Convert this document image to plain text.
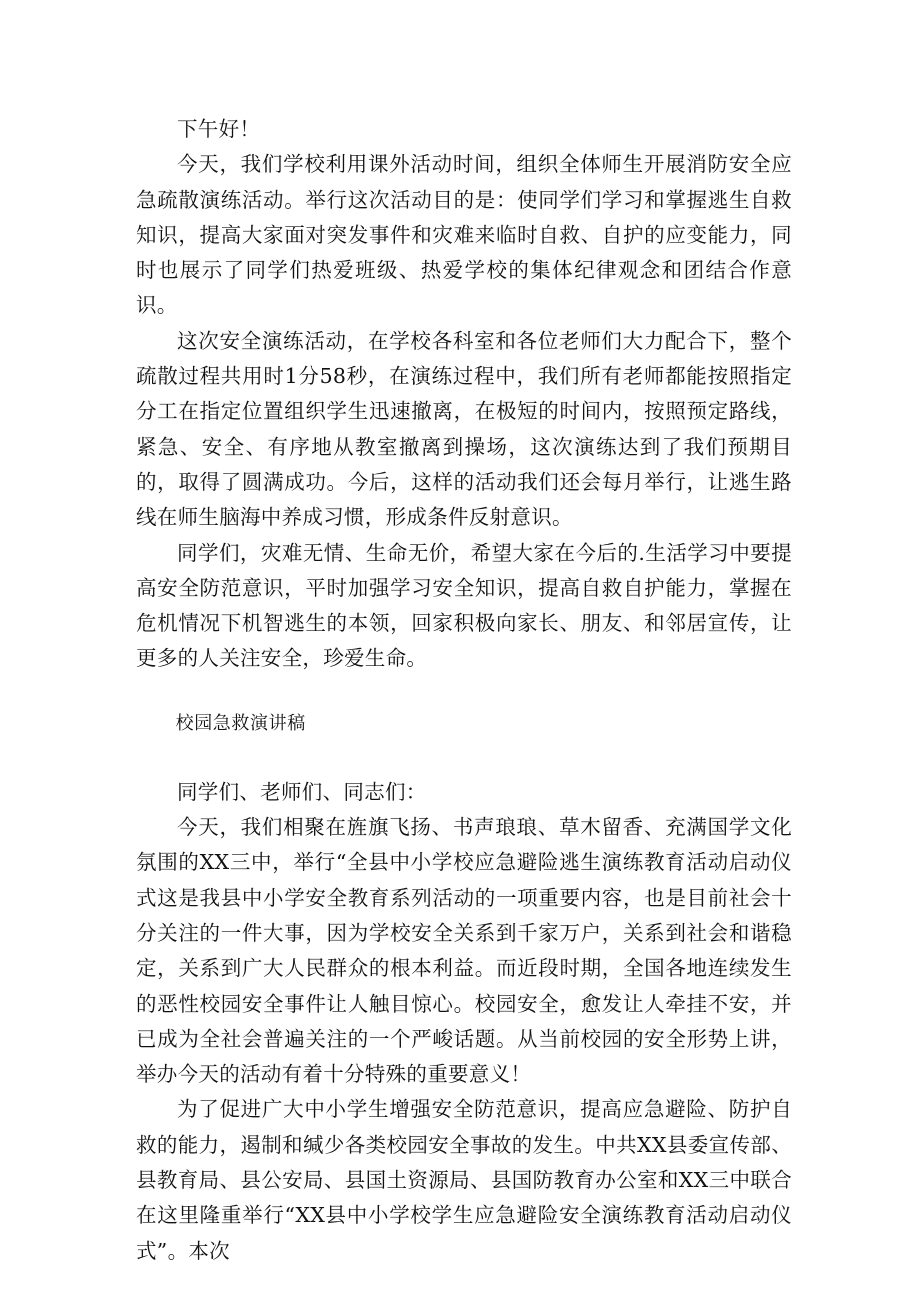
下午好！

今天，我们学校利用课外活动时间，组织全体师生开展消防安全应急疏散演练活动。举行这次活动目的是：使同学们学习和掌握逃生自救知识，提高大家面对突发事件和灾难来临时自救、自护的应变能力，同时也展示了同学们热爱班级、热爱学校的集体纪律观念和团结合作意识。

这次安全演练活动，在学校各科室和各位老师们大力配合下，整个疏散过程共用时1分58秒，在演练过程中，我们所有老师都能按照指定分工在指定位置组织学生迅速撤离，在极短的时间内，按照预定路线，紧急、安全、有序地从教室撤离到操场，这次演练达到了我们预期目的，取得了圆满成功。今后，这样的活动我们还会每月举行，让逃生路线在师生脑海中养成习惯，形成条件反射意识。

同学们，灾难无情、生命无价，希望大家在今后的.生活学习中要提高安全防范意识，平时加强学习安全知识，提高自救自护能力，掌握在危机情况下机智逃生的本领，回家积极向家长、朋友、和邻居宣传，让更多的人关注安全，珍爱生命。

校园急救演讲稿

同学们、老师们、同志们：

今天，我们相聚在旌旗飞扬、书声琅琅、草木留香、充满国学文化氛围的XX三中，举行“全县中小学校应急避险逃生演练教育活动启动仪式这是我县中小学安全教育系列活动的一项重要内容，也是目前社会十分关注的一件大事，因为学校安全关系到千家万户，关系到社会和谐稳定，关系到广大人民群众的根本利益。而近段时期，全国各地连续发生的恶性校园安全事件让人触目惊心。校园安全，愈发让人牵挂不安，并已成为全社会普遍关注的一个严峻话题。从当前校园的安全形势上讲，举办今天的活动有着十分特殊的重要意义！

为了促进广大中小学生增强安全防范意识，提高应急避险、防护自救的能力，遏制和缄少各类校园安全事故的发生。中共XX县委宣传部、县教育局、县公安局、县国土资源局、县国防教育办公室和XX三中联合在这里隆重举行“XX县中小学校学生应急避险安全演练教育活动启动仪式”。本次
